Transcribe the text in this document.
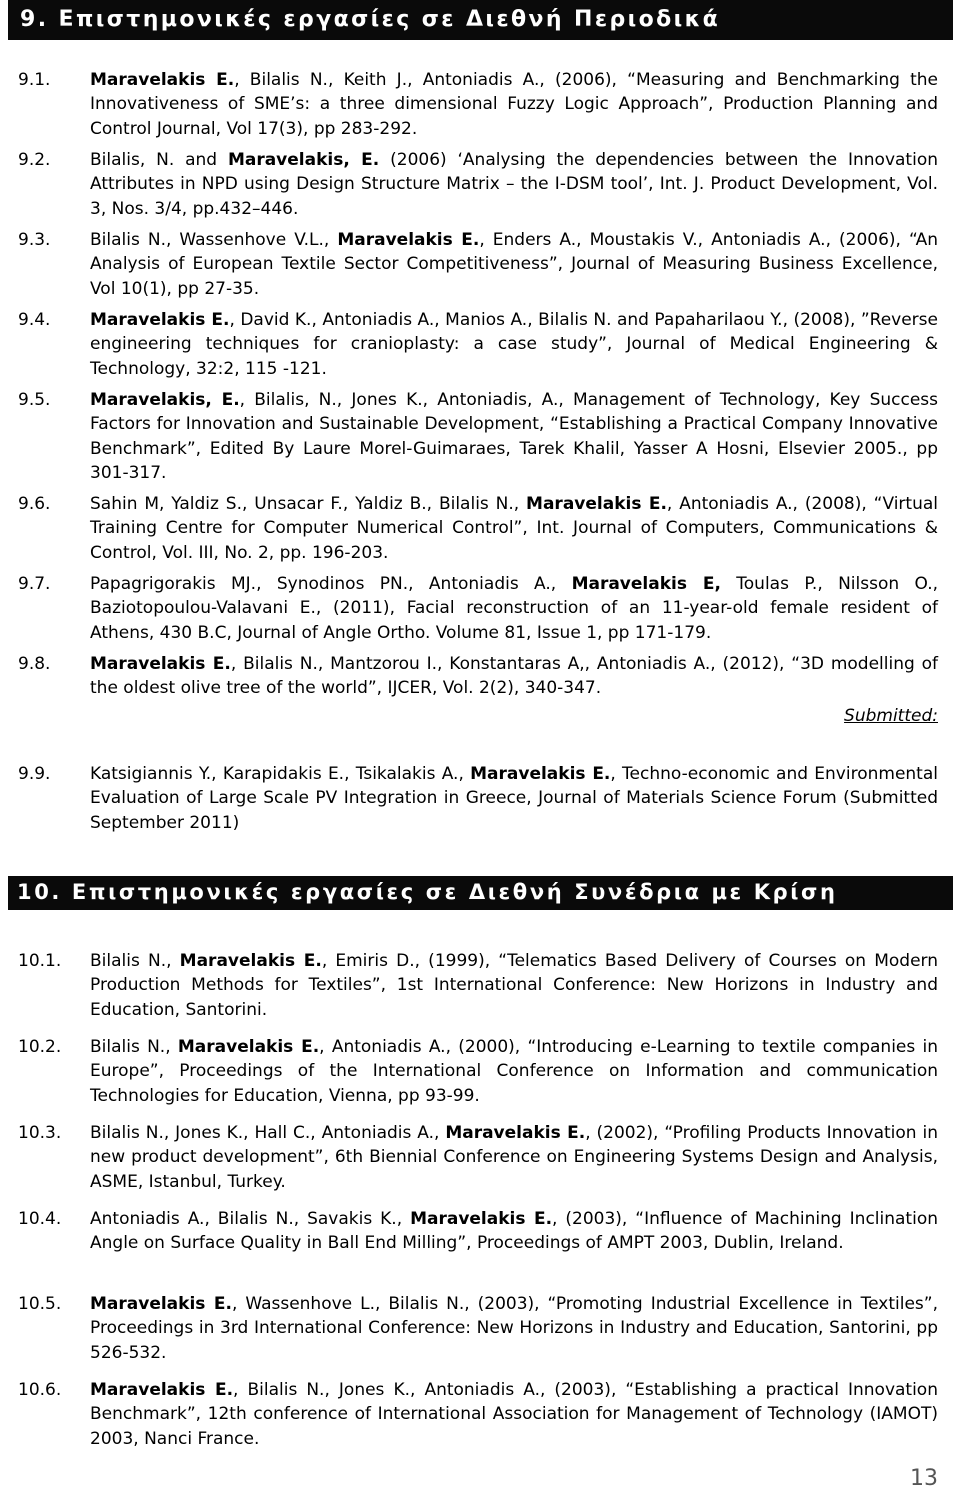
9. Επιστημονικές εργασίες σε Διεθνή Περιοδικά
9.1. Maravelakis E., Bilalis N., Keith J., Antoniadis A., (2006), “Measuring and Benchmarking the Innovativeness of SME’s: a three dimensional Fuzzy Logic Approach”, Production Planning and Control Journal, Vol 17(3), pp 283-292.
9.2. Bilalis, N. and Maravelakis, E. (2006) ‘Analysing the dependencies between the Innovation Attributes in NPD using Design Structure Matrix – the I-DSM tool’, Int. J. Product Development, Vol. 3, Nos. 3/4, pp.432–446.
9.3. Bilalis N., Wassenhove V.L., Maravelakis E., Enders A., Moustakis V., Antoniadis A., (2006), “An Analysis of European Textile Sector Competitiveness”, Journal of Measuring Business Excellence, Vol 10(1), pp 27-35.
9.4. Maravelakis E., David K., Antoniadis A., Manios A., Bilalis N. and Papaharilaou Y., (2008), ”Reverse engineering techniques for cranioplasty: a case study”, Journal of Medical Engineering & Technology, 32:2, 115 -121.
9.5. Maravelakis, E., Bilalis, N., Jones K., Antoniadis, A., Management of Technology, Key Success Factors for Innovation and Sustainable Development, “Establishing a Practical Company Innovative Benchmark”, Edited By Laure Morel-Guimaraes, Tarek Khalil, Yasser A Hosni, Elsevier 2005., pp 301-317.
9.6. Sahin M, Yaldiz S., Unsacar F., Yaldiz B., Bilalis N., Maravelakis E., Antoniadis A., (2008), “Virtual Training Centre for Computer Numerical Control”, Int. Journal of Computers, Communications & Control, Vol. III, No. 2, pp. 196-203.
9.7. Papagrigorakis MJ., Synodinos PN., Antoniadis A., Maravelakis E, Toulas P., Nilsson O., Baziotopoulou-Valavani E., (2011), Facial reconstruction of an 11-year-old female resident of Athens, 430 B.C, Journal of Angle Ortho. Volume 81, Issue 1, pp 171-179.
9.8. Maravelakis E., Bilalis N., Mantzorou I., Konstantaras A,, Antoniadis A., (2012), “3D modelling of the oldest olive tree of the world”, IJCER, Vol. 2(2), 340-347.
Submitted:
9.9. Katsigiannis Y., Karapidakis E., Tsikalakis A., Maravelakis E., Techno-economic and Environmental Evaluation of Large Scale PV Integration in Greece, Journal of Materials Science Forum (Submitted September 2011)
10. Επιστημονικές εργασίες σε Διεθνή Συνέδρια με Κρίση
10.1. Bilalis N., Maravelakis E., Emiris D., (1999), “Telematics Based Delivery of Courses on Modern Production Methods for Textiles”, 1st International Conference: New Horizons in Industry and Education, Santorini.
10.2. Bilalis N., Maravelakis E., Antoniadis A., (2000), “Introducing e-Learning to textile companies in Europe”, Proceedings of the International Conference on Information and communication Technologies for Education, Vienna, pp 93-99.
10.3. Bilalis N., Jones K., Hall C., Antoniadis A., Maravelakis E., (2002), “Profiling Products Innovation in new product development”, 6th Biennial Conference on Engineering Systems Design and Analysis, ASME, Istanbul, Turkey.
10.4. Antoniadis A., Bilalis N., Savakis K., Maravelakis E., (2003), “Influence of Machining Inclination Angle on Surface Quality in Ball End Milling”, Proceedings of AMPT 2003, Dublin, Ireland.
10.5. Maravelakis E., Wassenhove L., Bilalis N., (2003), “Promoting Industrial Excellence in Textiles”, Proceedings in 3rd International Conference: New Horizons in Industry and Education, Santorini, pp 526-532.
10.6. Maravelakis E., Bilalis N., Jones K., Antoniadis A., (2003), “Establishing a practical Innovation Benchmark”, 12th conference of International Association for Management of Technology (IAMOT) 2003, Nanci France.
13
